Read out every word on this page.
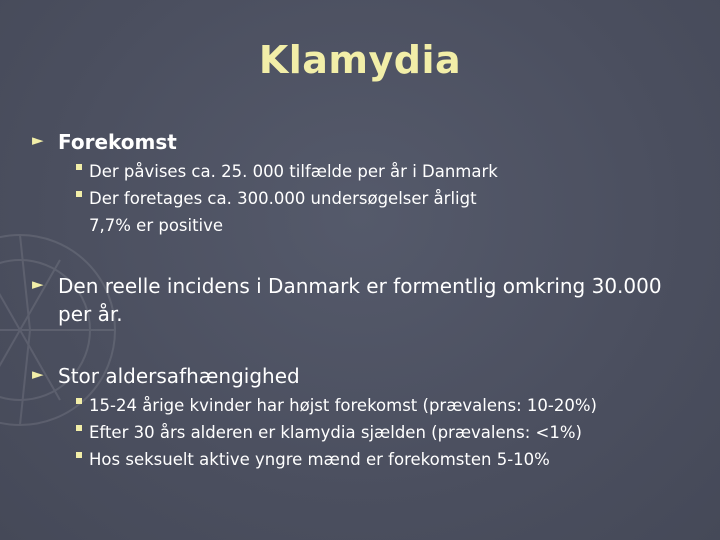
Klamydia
► Forekomst
Der påvises ca. 25. 000 tilfælde per år i Danmark
Der foretages ca. 300.000 undersøgelser årligt 7,7% er positive
► Den reelle incidens i Danmark er formentlig omkring 30.000 per år.
► Stor aldersafhængighed
15-24 årige kvinder har højst forekomst (prævalens: 10-20%)
Efter 30 års alderen er klamydia sjælden (prævalens: <1%)
Hos seksuelt aktive yngre mænd er forekomsten 5-10%
